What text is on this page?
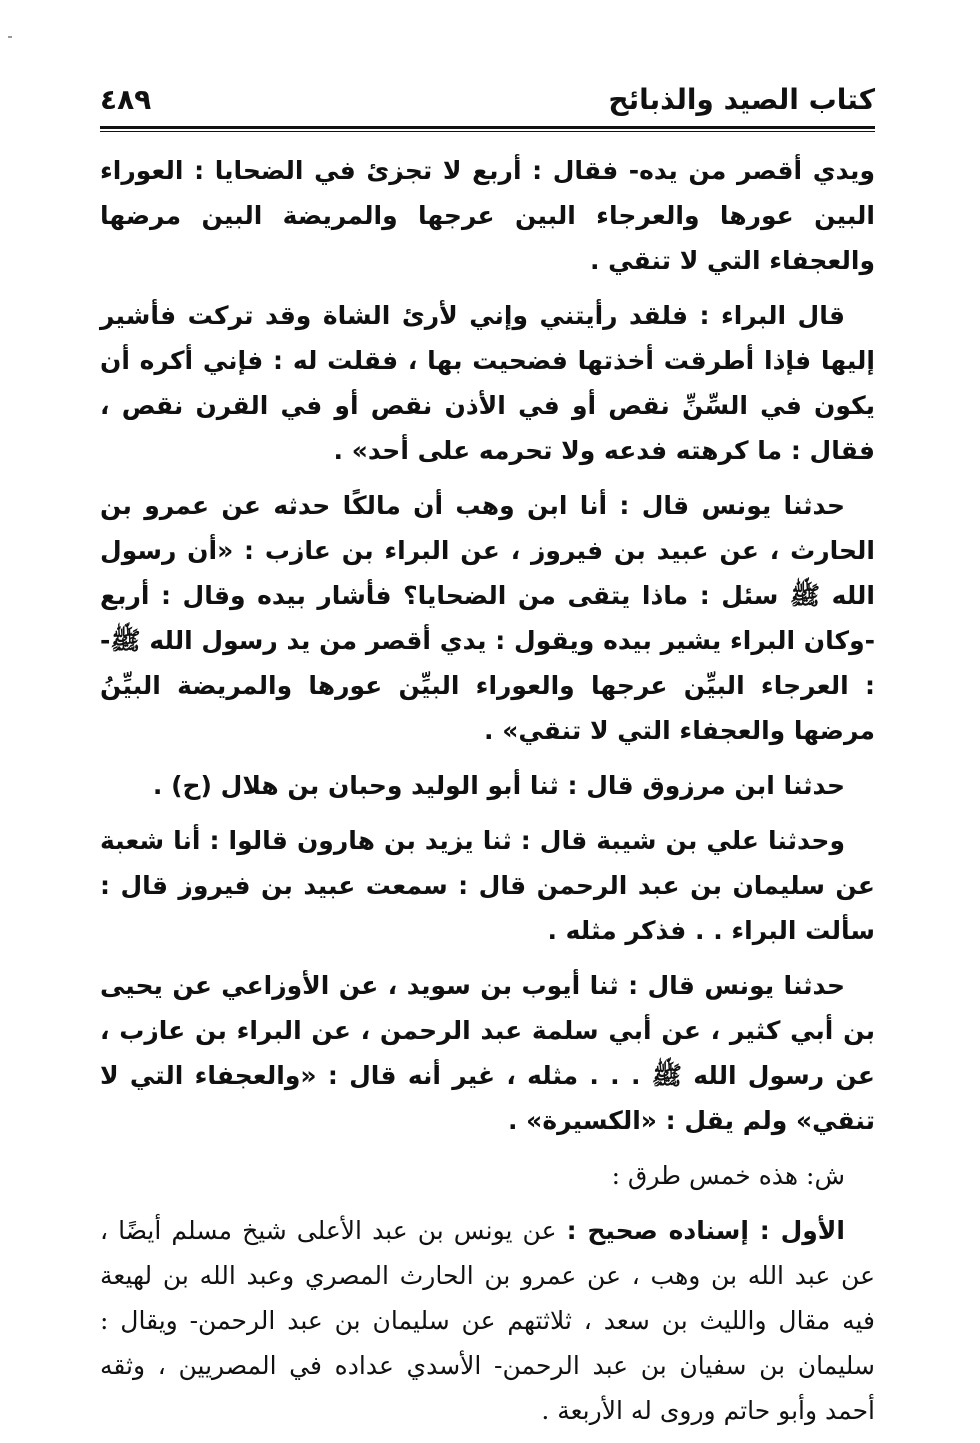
كتاب الصيد والذبائح
٤٨٩

ويدي أقصر من يده- فقال : أربع لا تجزئ في الضحايا : العوراء البين عورها والعرجاء البين عرجها والمريضة البين مرضها والعجفاء التي لا تنقي .

قال البراء : فلقد رأيتني وإني لأرئ الشاة وقد تركت فأشير إليها فإذا أطرقت أخذتها فضحيت بها ، فقلت له : فإني أكره أن يكون في السِّنِّ نقص أو في الأذن نقص أو في القرن نقص ، فقال : ما كرهته فدعه ولا تحرمه على أحد» .

حدثنا يونس قال : أنا ابن وهب أن مالكًا حدثه عن عمرو بن الحارث ، عن عبيد بن فيروز ، عن البراء بن عازب : «أن رسول الله ﷺ سئل : ماذا يتقى من الضحايا؟ فأشار بيده وقال : أربع -وكان البراء يشير بيده ويقول : يدي أقصر من يد رسول الله ﷺ- : العرجاء البيِّن عرجها والعوراء البيِّن عورها والمريضة البيِّنُ مرضها والعجفاء التي لا تنقي» .

حدثنا ابن مرزوق قال : ثنا أبو الوليد وحبان بن هلال (ح) .

وحدثنا علي بن شيبة قال : ثنا يزيد بن هارون قالوا : أنا شعبة عن سليمان بن عبد الرحمن قال : سمعت عبيد بن فيروز قال : سألت البراء . . فذكر مثله .

حدثنا يونس قال : ثنا أيوب بن سويد ، عن الأوزاعي عن يحيى بن أبي كثير ، عن أبي سلمة عبد الرحمن ، عن البراء بن عازب ، عن رسول الله ﷺ . . . مثله ، غير أنه قال : «والعجفاء التي لا تنقي» ولم يقل : «الكسيرة» .

ش: هذه خمس طرق :

الأول : إسناده صحيح : عن يونس بن عبد الأعلى شيخ مسلم أيضًا ، عن عبد الله بن وهب ، عن عمرو بن الحارث المصري وعبد الله بن لهيعة فيه مقال والليث بن سعد ، ثلاثتهم عن سليمان بن عبد الرحمن- ويقال : سليمان بن سفيان بن عبد الرحمن- الأسدي عداده في المصريين ، وثقه أحمد وأبو حاتم وروى له الأربعة .
